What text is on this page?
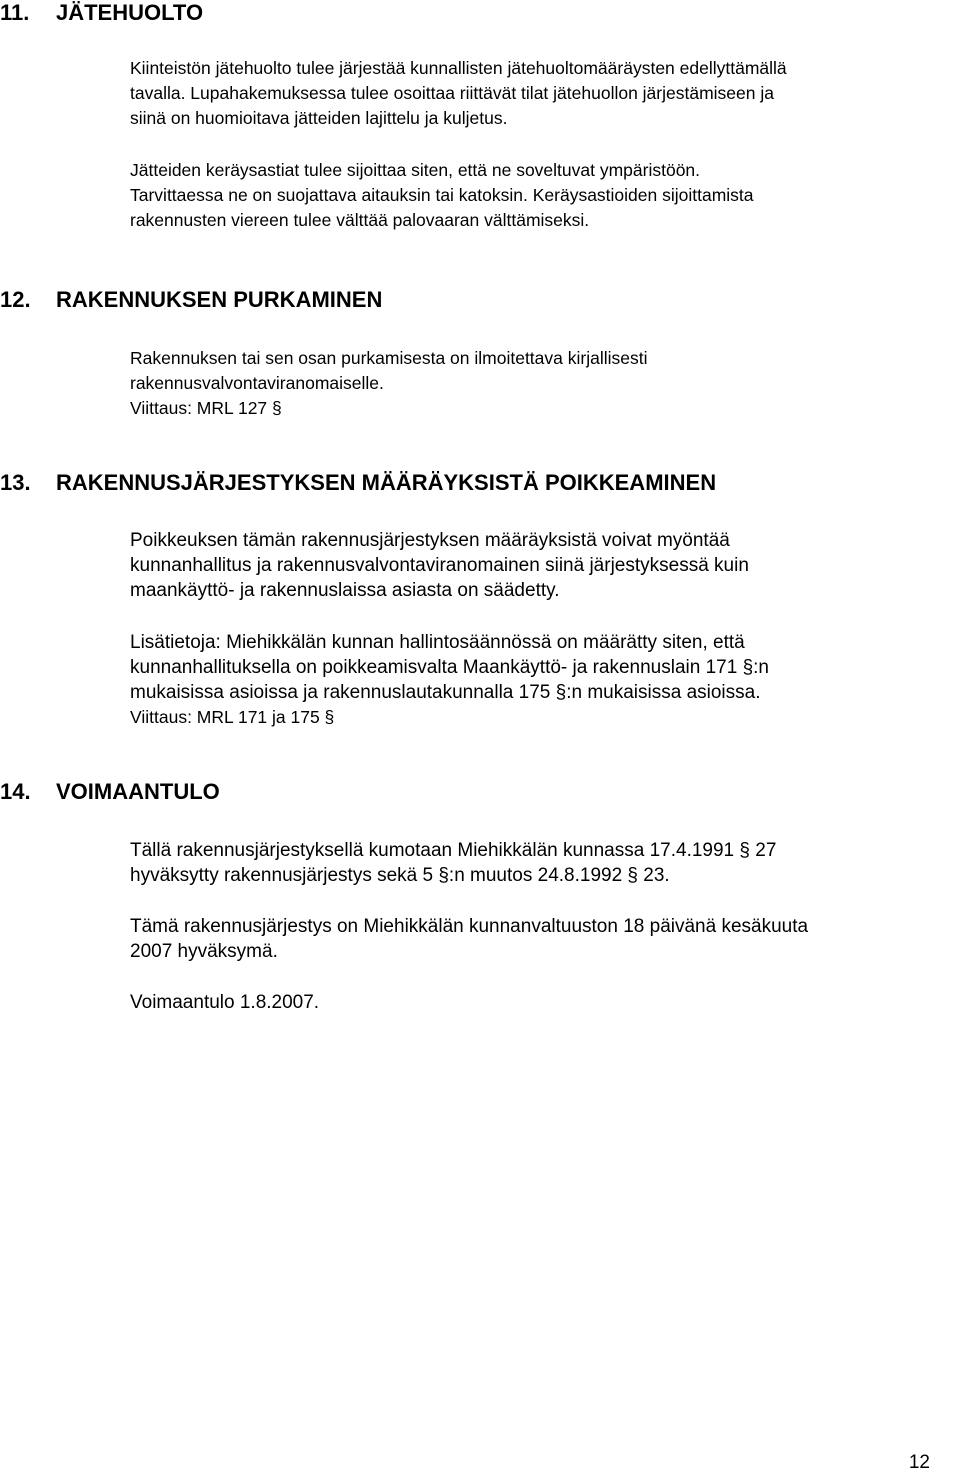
11. JÄTEHUOLTO

Kiinteistön jätehuolto tulee järjestää kunnallisten jätehuoltomääräysten edellyttämällä
tavalla. Lupahakemuksessa tulee osoittaa riittävät tilat jätehuollon järjestämiseen ja
siinä on huomioitava jätteiden lajittelu ja kuljetus.

Jätteiden keräysastiat tulee sijoittaa siten, että ne soveltuvat ympäristöön.
Tarvittaessa ne on suojattava aitauksin tai katoksin. Keräysastioiden sijoittamista
rakennusten viereen tulee välttää palovaaran välttämiseksi.

12. RAKENNUKSEN PURKAMINEN

Rakennuksen tai sen osan purkamisesta on ilmoitettava kirjallisesti
rakennusvalvontaviranomaiselle.
Viittaus: MRL 127 §

13. RAKENNUSJÄRJESTYKSEN MÄÄRÄYKSISTÄ POIKKEAMINEN

Poikkeuksen tämän rakennusjärjestyksen määräyksistä voivat myöntää
kunnanhallitus ja rakennusvalvontaviranomainen siinä järjestyksessä kuin
maankäyttö- ja rakennuslaissa asiasta on säädetty.

Lisätietoja: Miehikkälän kunnan hallintosäännössä on määrätty siten, että
kunnanhallituksella on poikkeamisvalta Maankäyttö- ja rakennuslain 171 §:n
mukaisissa asioissa ja rakennuslautakunnalla 175 §:n mukaisissa asioissa.
Viittaus: MRL 171 ja 175 §

14. VOIMAANTULO

Tällä rakennusjärjestyksellä kumotaan Miehikkälän kunnassa 17.4.1991 § 27
hyväksytty rakennusjärjestys sekä 5 §:n muutos 24.8.1992 § 23.

Tämä rakennusjärjestys on Miehikkälän kunnanvaltuuston 18 päivänä kesäkuuta
2007 hyväksymä.

Voimaantulo 1.8.2007.

12
